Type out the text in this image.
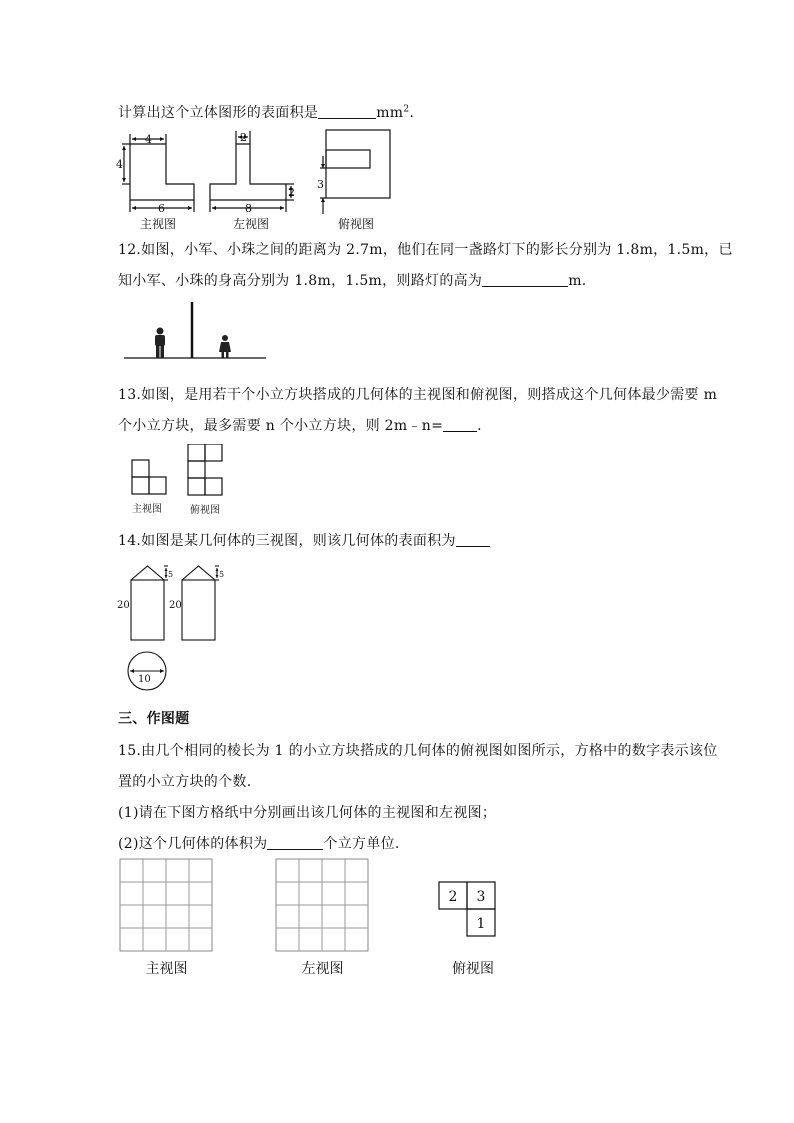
计算出这个立体图形的表面积是	$mm^2$.
4
4
6
2
2
8
3
主视图	左视图	俯视图
12.如图，小军、小珠之间的距离为 2.7m，他们在同一盏路灯下的影长分别为 1.8m，1.5m，已
知小军、小珠的身高分别为 1.8m，1.5m，则路灯的高为	m.
13.如图，是用若干个小立方块搭成的几何体的主视图和俯视图，则搭成这个几何体最少需要 m
个小立方块，最多需要 n 个小立方块，则 2m﹣n= .
主视图	俯视图
14.如图是某几何体的三视图，则该几何体的表面积为
20	20
5	5
10
三、作图题
15.由几个相同的棱长为 1 的小立方块搭成的几何体的俯视图如图所示，方格中的数字表示该位
置的小立方块的个数.
(1)请在下图方格纸中分别画出该几何体的主视图和左视图；
(2)这个几何体的体积为	个立方单位.
主视图	左视图
2 3
1
俯视图
